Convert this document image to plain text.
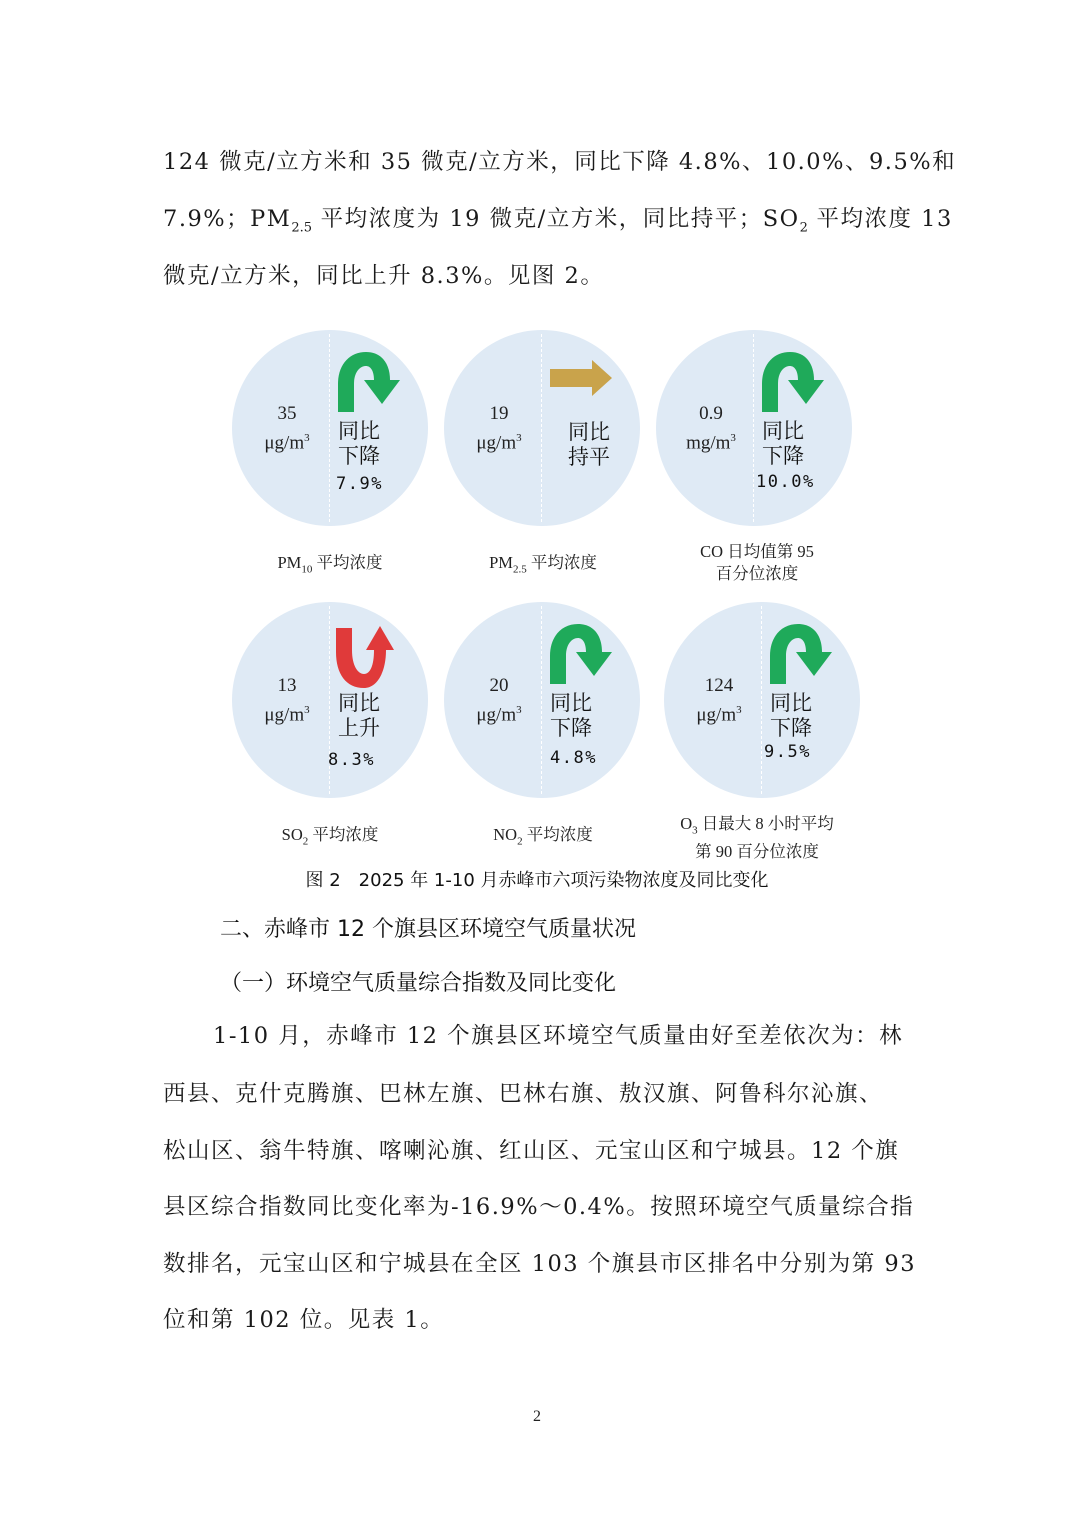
124 微克/立方米和 35 微克/立方米，同比下降 4.8%、10.0%、9.5%和
7.9%；$PM_{2.5}$ 平均浓度为 19 微克/立方米，同比持平；$SO_2$ 平均浓度 13
微克/立方米，同比上升 8.3%。见图 2。
35
$\mu g/m^3$	同比
下降
7.9%
$PM_{10}$ 平均浓度
19
$\mu g/m^3$	同比
持平
$PM_{2.5}$ 平均浓度
0.9
$mg/m^3$	同比
下降
10.0%
CO 日均值第 95
百分位浓度
13
$\mu g/m^3$	同比
上升
8.3%
$SO_2$ 平均浓度
20
$\mu g/m^3$	同比
下降
4.8%
$NO_2$ 平均浓度
124
$\mu g/m^3$	同比
下降
9.5%
$O_3$ 日最大 8 小时平均
第 90 百分位浓度
图 2　2025 年 1-10 月赤峰市六项污染物浓度及同比变化
二、赤峰市 12 个旗县区环境空气质量状况
（一）环境空气质量综合指数及同比变化
1-10 月，赤峰市 12 个旗县区环境空气质量由好至差依次为：林
西县、克什克腾旗、巴林左旗、巴林右旗、敖汉旗、阿鲁科尔沁旗、
松山区、翁牛特旗、喀喇沁旗、红山区、元宝山区和宁城县。12 个旗
县区综合指数同比变化率为-16.9%～0.4%。按照环境空气质量综合指
数排名，元宝山区和宁城县在全区 103 个旗县市区排名中分别为第 93
位和第 102 位。见表 1。
2
